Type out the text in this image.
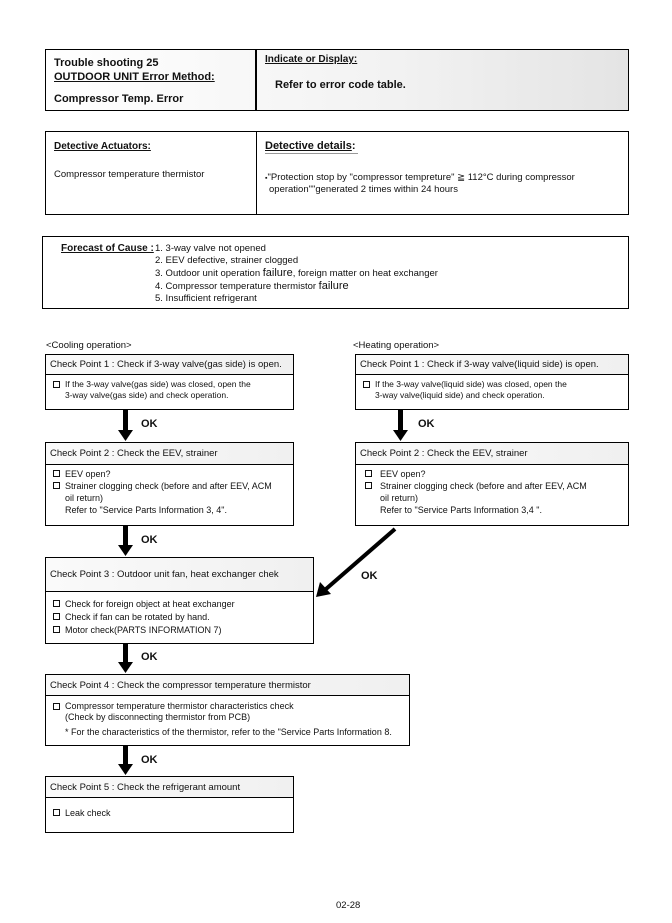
Trouble shooting 25
OUTDOOR UNIT Error Method:
Compressor Temp. Error
Indicate or Display:
Refer to error code table.
Detective Actuators:
Compressor temperature thermistor
Detective details:
▪"Protection stop by "compressor tempreture" ≧ 112°C during compressor
operation""generated 2 times within 24 hours
Forecast of Cause : 1. 3-way valve not opened
2. EEV defective, strainer clogged
3. Outdoor unit operation failure, foreign matter on heat exchanger
4. Compressor temperature thermistor failure
5. Insufficient refrigerant
<Cooling operation>	<Heating operation>
Check Point 1 : Check if 3-way valve(gas side) is open.
If the 3-way valve(gas side) was closed, open the
3-way valve(gas side) and check operation.
Check Point 1 : Check if 3-way valve(liquid side) is open.
If the 3-way valve(liquid side) was closed, open the
3-way valve(liquid side) and check operation.
Check Point 2 : Check the EEV, strainer
EEV open?
Strainer clogging check (before and after EEV, ACM
oil return)
Refer to "Service Parts Information 3, 4".
Check Point 2 : Check the EEV, strainer
EEV open?
Strainer clogging check (before and after EEV, ACM
oil return)
Refer to "Service Parts Information 3,4 ".
Check Point 3 : Outdoor unit fan, heat exchanger chek
Check for foreign object at heat exchanger
Check if fan can be rotated by hand.
Motor check(PARTS INFORMATION 7)
Check Point 4 : Check the compressor temperature thermistor
Compressor temperature thermistor characteristics check
(Check by disconnecting thermistor from PCB)
* For the characteristics of the thermistor, refer to the "Service Parts Information 8.
Check Point 5 : Check the refrigerant amount
Leak check
OK	OK
OK
OK
OK
OK
02-28
